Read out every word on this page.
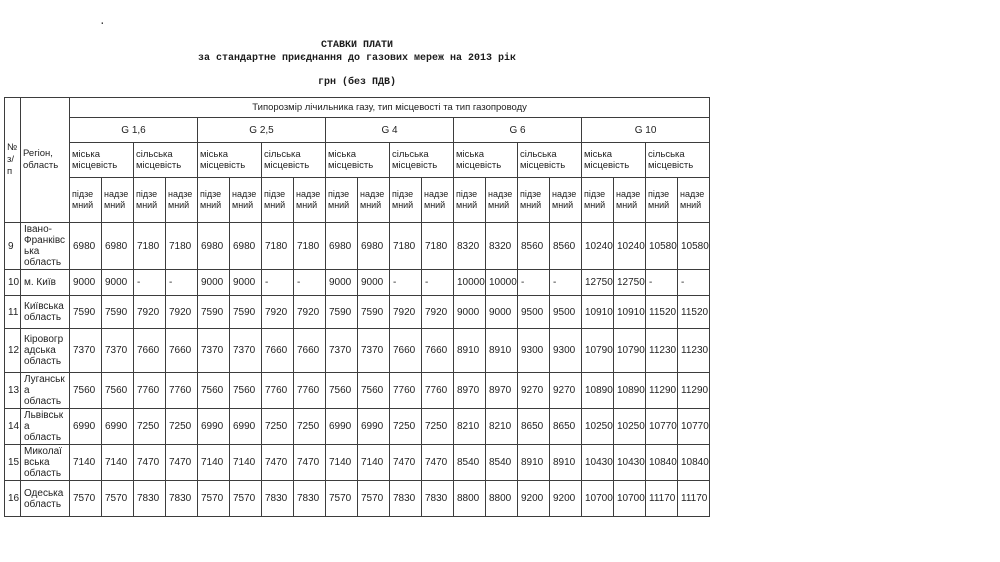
.
СТАВКИ ПЛАТИ
за стандартне приєднання до газових мереж на 2013 рік
грн (без ПДВ)
№ з/п	Регіон, область	Типорозмір лічильника газу, тип місцевості та тип газопроводу																			
		G 1,6				G 2,5				G 4				G 6				G 10			
		міська місцевість		сільська місцевість		міська місцевість		сільська місцевість		міська місцевість		сільська місцевість		міська місцевість		сільська місцевість		міська місцевість		сільська місцевість	
		підземний	надземний	підземний	надземний	підземний	надземний	підземний	надземний	підземний	надземний	підземний	надземний	підземний	надземний	підземний	надземний	підземний	надземний	підземний	надземний
9	Івано-Франківська область	6980	6980	7180	7180	6980	6980	7180	7180	6980	6980	7180	7180	8320	8320	8560	8560	10240	10240	10580	10580
10	м. Київ	9000	9000	-	-	9000	9000	-	-	9000	9000	-	-	10000	10000	-	-	12750	12750	-	-
11	Київська область	7590	7590	7920	7920	7590	7590	7920	7920	7590	7590	7920	7920	9000	9000	9500	9500	10910	10910	11520	11520
12	Кіровоградська область	7370	7370	7660	7660	7370	7370	7660	7660	7370	7370	7660	7660	8910	8910	9300	9300	10790	10790	11230	11230
13	Луганська область	7560	7560	7760	7760	7560	7560	7760	7760	7560	7560	7760	7760	8970	8970	9270	9270	10890	10890	11290	11290
14	Львівська область	6990	6990	7250	7250	6990	6990	7250	7250	6990	6990	7250	7250	8210	8210	8650	8650	10250	10250	10770	10770
15	Миколаївська область	7140	7140	7470	7470	7140	7140	7470	7470	7140	7140	7470	7470	8540	8540	8910	8910	10430	10430	10840	10840
16	Одеська область	7570	7570	7830	7830	7570	7570	7830	7830	7570	7570	7830	7830	8800	8800	9200	9200	10700	10700	11170	11170
